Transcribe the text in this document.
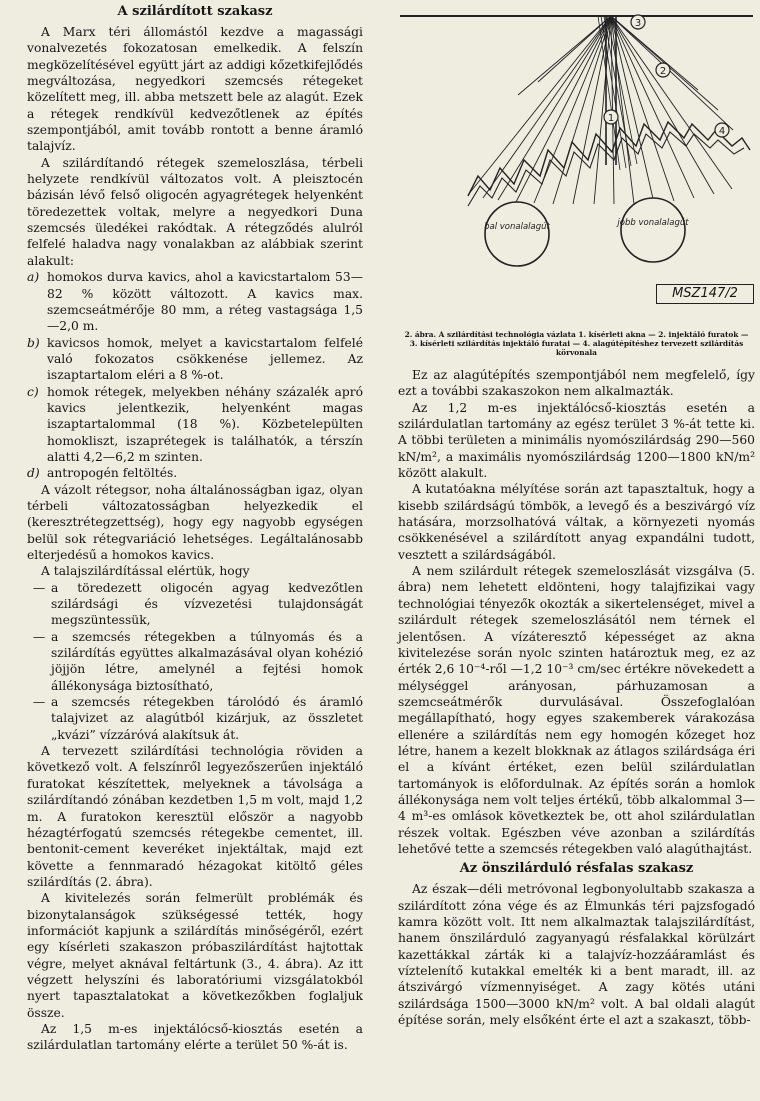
A szilárdított szakasz

A Marx téri állomástól kezdve a magassági vonalvezetés fokozatosan emelkedik. A felszín megközelítésével együtt járt az addigi kőzetkifejlődés megváltozása, negyedkori szemcsés rétegeket közelített meg, ill. abba metszett bele az alagút. Ezek a rétegek rendkívül kedvezőtlenek az építés szempontjából, amit tovább rontott a benne áramló talajvíz.

A szilárdítandó rétegek szemeloszlása, térbeli helyzete rendkívül változatos volt. A pleisztocén bázisán lévő felső oligocén agyagrétegek helyenként töredezettek voltak, melyre a negyedkori Duna szemcsés üledékei rakódtak. A rétegződés alulról felfelé haladva nagy vonalakban az alábbiak szerint alakult:

a) homokos durva kavics, ahol a kavicstartalom 53—82 % között változott. A kavics max. szemcseátmérője 80 mm, a réteg vastagsága 1,5—2,0 m.
b) kavicsos homok, melyet a kavicstartalom felfelé való fokozatos csökkenése jellemez. Az iszaptartalom eléri a 8 %-ot.
c) homok rétegek, melyekben néhány százalék apró kavics jelentkezik, helyenként magas iszaptartalommal (18 %). Közbetelepülten homokliszt, iszaprétegek is találhatók, a térszín alatti 4,2—6,2 m szinten.
d) antropogén feltöltés.

A vázolt rétegsor, noha általánosságban igaz, olyan térbeli változatosságban helyezkedik el (keresztrétegzettség), hogy egy nagyobb egységen belül sok rétegvariáció lehetséges. Legáltalánosabb elterjedésű a homokos kavics.

A talajszilárdítással elértük, hogy

— a töredezett oligocén agyag kedvezőtlen szilárdsági és vízvezetési tulajdonságát megszüntessük,
— a szemcsés rétegekben a túlnyomás és a szilárdítás együttes alkalmazásával olyan kohézió jöjjön létre, amelynél a fejtési homok állékonysága biztosítható,
— a szemcsés rétegekben tárolódó és áramló talajvizet az alagútból kizárjuk, az összletet „kvázi” vízzáróvá alakítsuk át.

A tervezett szilárdítási technológia röviden a következő volt. A felszínről legyezőszerűen injektáló furatokat készítettek, melyeknek a távolsága a szilárdítandó zónában kezdetben 1,5 m volt, majd 1,2 m. A furatokon keresztül először a nagyobb hézagtérfogatú szemcsés rétegekbe cementet, ill. bentonit-cement keveréket injektáltak, majd ezt követte a fennmaradó hézagokat kitöltő géles szilárdítás (2. ábra).

A kivitelezés során felmerült problémák és bizonytalanságok szükségessé tették, hogy információt kapjunk a szilárdítás minőségéről, ezért egy kísérleti szakaszon próbaszilárdítást hajtottak végre, melyet aknával feltártunk (3., 4. ábra). Az itt végzett helyszíni és laboratóriumi vizsgálatokból nyert tapasztalatokat a következőkben foglaljuk össze.

Az 1,5 m-es injektálócső-kiosztás esetén a szilárdulatlan tartomány elérte a terület 50 %-át is.

bal vonalalagút	jobb vonalalagút
3
2
1
4
MSZ147/2
2. ábra. A szilárdítási technológia vázlata 1. kísérleti akna — 2. injektáló furatok — 3. kísérleti szilárdítás injektáló furatai — 4. alagútépítéshez tervezett szilárdítás körvonala

Ez az alagútépítés szempontjából nem megfelelő, így ezt a további szakaszokon nem alkalmazták.

Az 1,2 m-es injektálócső-kiosztás esetén a szilárdulatlan tartomány az egész terület 3 %-át tette ki. A többi területen a minimális nyomószilárdság 290—560 kN/m², a maximális nyomószilárdság 1200—1800 kN/m² között alakult.

A kutatóakna mélyítése során azt tapasztaltuk, hogy a kisebb szilárdságú tömbök, a levegő és a beszivárgó víz hatására, morzsolhatóvá váltak, a környezeti nyomás csökkenésével a szilárdított anyag expandálni tudott, vesztett a szilárdságából.

A nem szilárdult rétegek szemeloszlását vizsgálva (5. ábra) nem lehetett eldönteni, hogy talajfizikai vagy technológiai tényezők okozták a sikertelenséget, mivel a szilárdult rétegek szemeloszlásától nem térnek el jelentősen. A vízáteresztő képességet az akna kivitelezése során nyolc szinten határoztuk meg, ez az érték 2,6 10⁻⁴-ről —1,2 10⁻³ cm/sec értékre növekedett a mélységgel arányosan, párhuzamosan a szemcseátmérők durvulásával. Összefoglalóan megállapítható, hogy egyes szakemberek várakozása ellenére a szilárdítás nem egy homogén kőzeget hoz létre, hanem a kezelt blokknak az átlagos szilárdsága éri el a kívánt értéket, ezen belül szilárdulatlan tartományok is előfordulnak. Az építés során a homlok állékonysága nem volt teljes értékű, több alkalommal 3—4 m³-es omlások következtek be, ott ahol szilárdulatlan részek voltak. Egészben véve azonban a szilárdítás lehetővé tette a szemcsés rétegekben való alagúthajtást.

Az önszilárduló résfalas szakasz

Az észak—déli metróvonal legbonyolultabb szakasza a szilárdított zóna vége és az Élmunkás téri pajzsfogadó kamra között volt. Itt nem alkalmaztak talajszilárdítást, hanem önszilárduló zagyanyagú résfalakkal körülzárt kazettákkal zárták ki a talajvíz-hozzááramlást és víztelenítő kutakkal emelték ki a bent maradt, ill. az átszivárgó vízmennyiséget. A zagy kötés utáni szilárdsága 1500—3000 kN/m² volt. A bal oldali alagút építése során, mely elsőként érte el azt a szakaszt, több-
